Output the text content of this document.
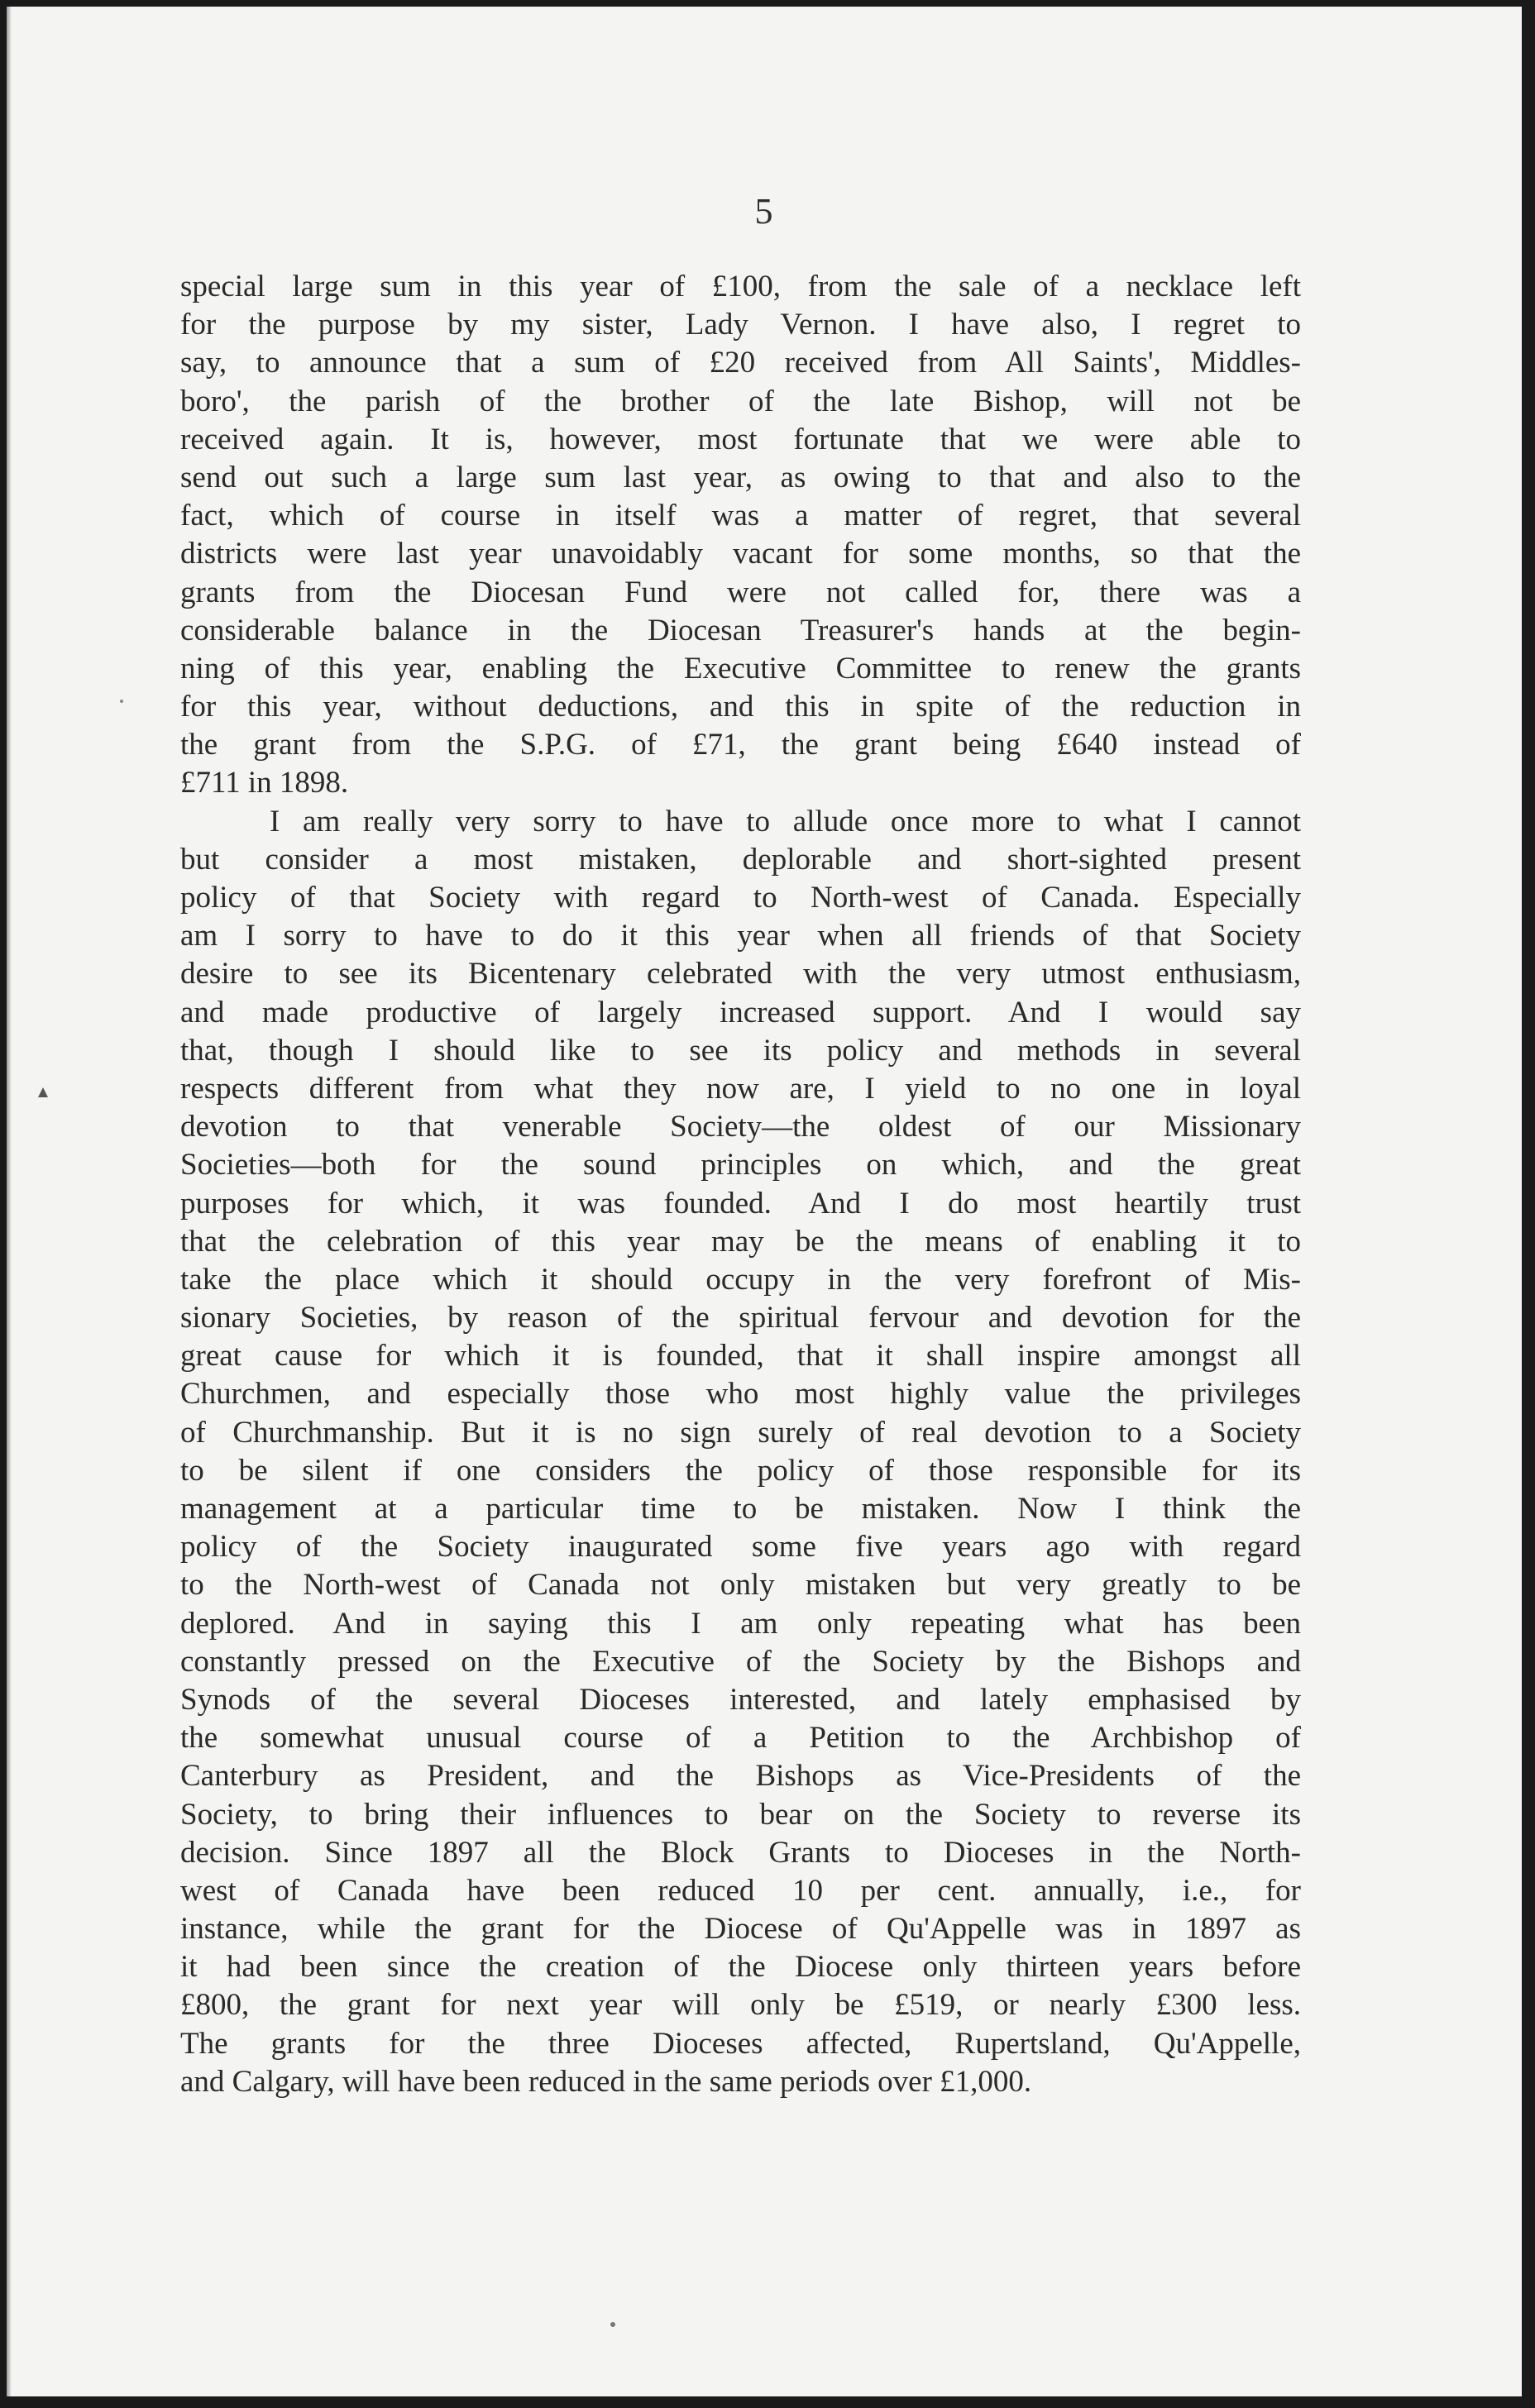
5
special large sum in this year of £100, from the sale of a necklace left
for the purpose by my sister, Lady Vernon. I have also, I regret to
say, to announce that a sum of £20 received from All Saints', Middles-
boro', the parish of the brother of the late Bishop, will not be
received again. It is, however, most fortunate that we were able to
send out such a large sum last year, as owing to that and also to the
fact, which of course in itself was a matter of regret, that several
districts were last year unavoidably vacant for some months, so that the
grants from the Diocesan Fund were not called for, there was a
considerable balance in the Diocesan Treasurer's hands at the begin-
ning of this year, enabling the Executive Committee to renew the grants
for this year, without deductions, and this in spite of the reduction in
the grant from the S.P.G. of £71, the grant being £640 instead of
£711 in 1898.
I am really very sorry to have to allude once more to what I cannot
but consider a most mistaken, deplorable and short-sighted present
policy of that Society with regard to North-west of Canada. Especially
am I sorry to have to do it this year when all friends of that Society
desire to see its Bicentenary celebrated with the very utmost enthusiasm,
and made productive of largely increased support. And I would say
that, though I should like to see its policy and methods in several
respects different from what they now are, I yield to no one in loyal
devotion to that venerable Society—the oldest of our Missionary
Societies—both for the sound principles on which, and the great
purposes for which, it was founded. And I do most heartily trust
that the celebration of this year may be the means of enabling it to
take the place which it should occupy in the very forefront of Mis-
sionary Societies, by reason of the spiritual fervour and devotion for the
great cause for which it is founded, that it shall inspire amongst all
Churchmen, and especially those who most highly value the privileges
of Churchmanship. But it is no sign surely of real devotion to a Society
to be silent if one considers the policy of those responsible for its
management at a particular time to be mistaken. Now I think the
policy of the Society inaugurated some five years ago with regard
to the North-west of Canada not only mistaken but very greatly to be
deplored. And in saying this I am only repeating what has been
constantly pressed on the Executive of the Society by the Bishops and
Synods of the several Dioceses interested, and lately emphasised by
the somewhat unusual course of a Petition to the Archbishop of
Canterbury as President, and the Bishops as Vice-Presidents of the
Society, to bring their influences to bear on the Society to reverse its
decision. Since 1897 all the Block Grants to Dioceses in the North-
west of Canada have been reduced 10 per cent. annually, i.e., for
instance, while the grant for the Diocese of Qu'Appelle was in 1897 as
it had been since the creation of the Diocese only thirteen years before
£800, the grant for next year will only be £519, or nearly £300 less.
The grants for the three Dioceses affected, Rupertsland, Qu'Appelle,
and Calgary, will have been reduced in the same periods over £1,000.
